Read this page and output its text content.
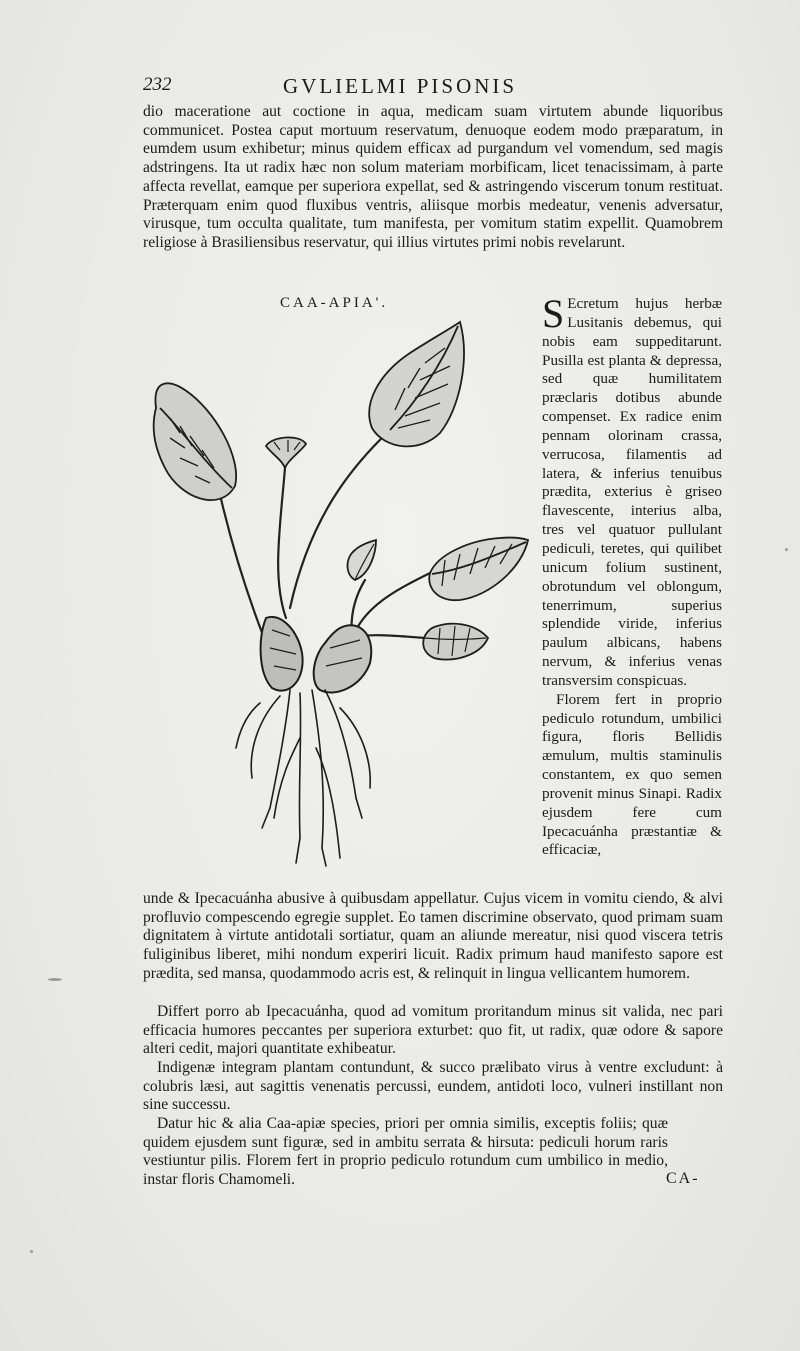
232	GVLIELMI PISONIS

dio maceratione aut coctione in aqua, medicam suam virtutem abunde liquoribus communicet. Postea caput mortuum reservatum, denuoque eodem modo præparatum, in eumdem usum exhibetur; minus quidem efficax ad purgandum vel vomendum, sed magis adstringens. Ita ut radix hæc non solum materiam morbificam, licet tenacissimam, à parte affecta revellat, eamque per superiora expellat, sed & astringendo viscerum tonum restituat. Præterquam enim quod fluxibus ventris, aliisque morbis medeatur, venenis adversatur, virusque, tum occulta qualitate, tum manifesta, per vomitum statim expellit. Quamobrem religiose à Brasiliensibus reservatur, qui illius virtutes primi nobis revelarunt.

CAA-APIA'.	S Ecretum hujus herbæ Lusitanis debemus, qui nobis eam suppeditarunt. Pusilla est planta & depressa, sed quæ humilitatem præclaris dotibus abunde compenset. Ex radice enim pennam olorinam crassa, verrucosa, filamentis ad latera, & inferius tenuibus prædita, exterius è griseo flavescente, interius alba, tres vel quatuor pullulant pediculi, teretes, qui quilibet unicum folium sustinent, obrotundum vel oblongum, tenerrimum, superius splendide viride, inferius paulum albicans, habens nervum, & inferius venas transversim conspicuas.
Florem fert in proprio pediculo rotundum, umbilici figura, floris Bellidis æmulum, multis staminulis constantem, ex quo semen provenit minus Sinapi. Radix ejusdem fere cum Ipecacuánha præstantiæ & efficaciæ,

unde & Ipecacuánha abusive à quibusdam appellatur. Cujus vicem in vomitu ciendo, & alvi profluvio compescendo egregie supplet. Eo tamen discrimine observato, quod primam suam dignitatem à virtute antidotali sortiatur, quam an aliunde mereatur, nisi quod viscera tetris fuliginibus liberet, mihi nondum experiri licuit. Radix primum haud manifesto sapore est prædita, sed mansa, quodammodo acris est, & relinquit in lingua vellicantem humorem.

Differt porro ab Ipecacuánha, quod ad vomitum proritandum minus sit valida, nec pari efficacia humores peccantes per superiora exturbet: quo fit, ut radix, quæ odore & sapore alteri cedit, majori quantitate exhibeatur.

Indigenæ integram plantam contundunt, & succo prælibato virus à ventre excludunt: à colubris læsi, aut sagittis venenatis percussi, eundem, antidoti loco, vulneri instillant non sine successu.

Datur hic & alia Caa-apiæ species, priori per omnia similis, exceptis foliis; quæ quidem ejusdem sunt figuræ, sed in ambitu serrata & hirsuta: pediculi horum raris vestiuntur pilis. Florem fert in proprio pediculo rotundum cum umbilico in medio, instar floris Chamomeli.	CA-
